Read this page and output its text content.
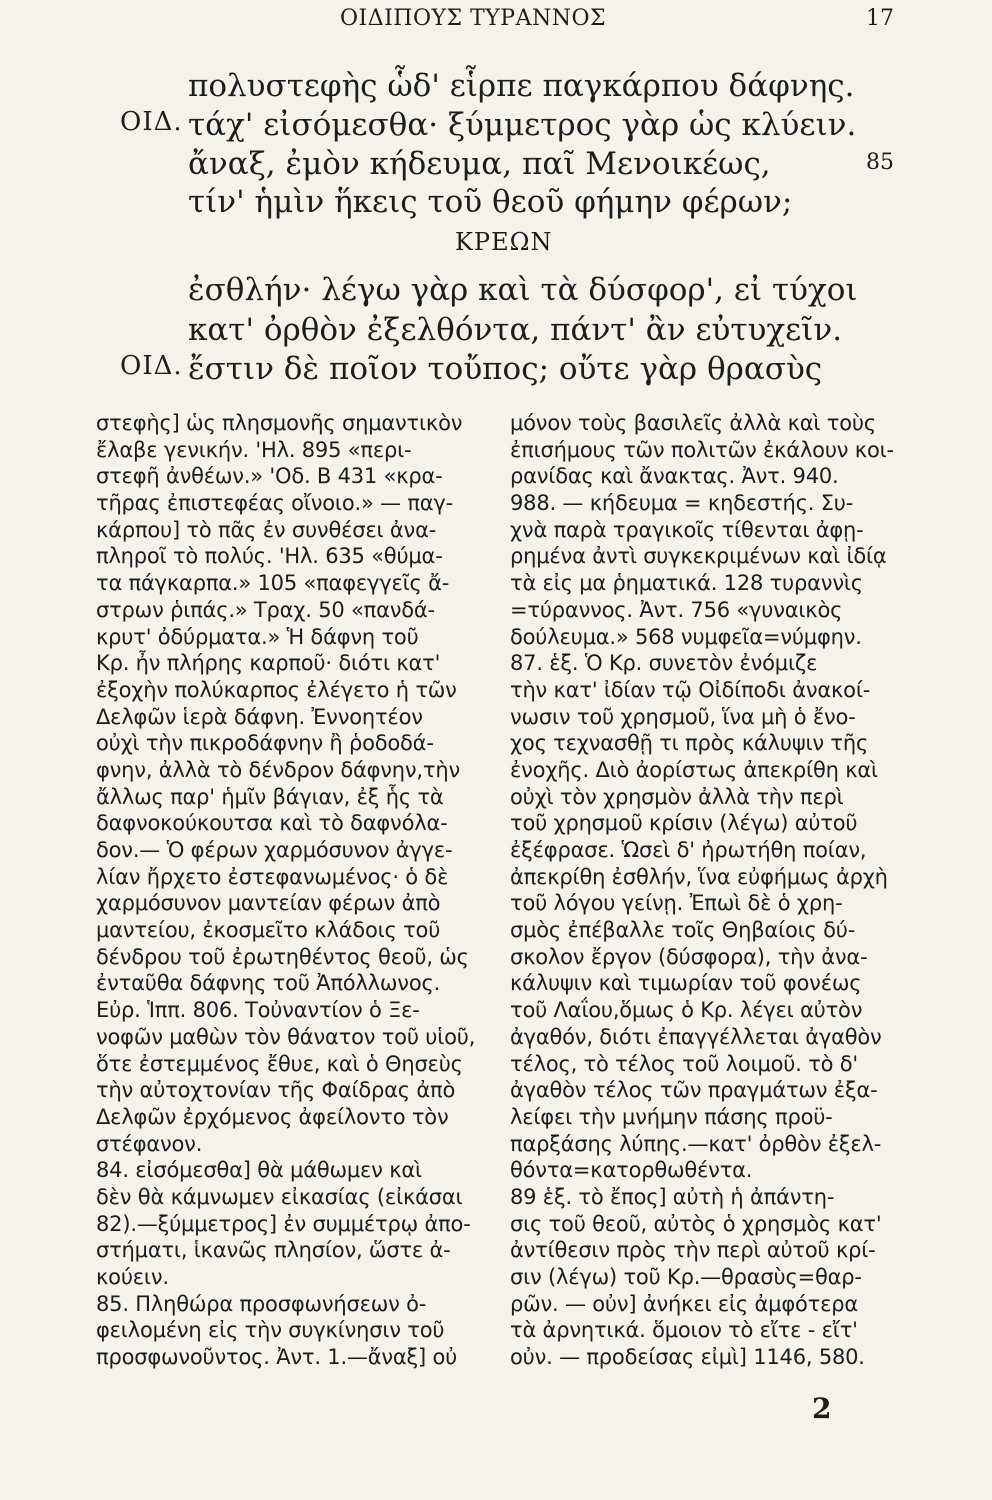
ΟΙΔΙΠΟΥΣ ΤΥΡΑΝΝΟΣ	17
πολυστεφὴς ὧδ' εἷρπε παγκάρπου δάφνης.
ΟΙΔ. τάχ' εἰσόμεσθα· ξύμμετρος γὰρ ὡς κλύειν.
ἄναξ, ἐμὸν κήδευμα, παῖ Μενοικέως,	85
τίν' ἡμὶν ἥκεις τοῦ θεοῦ φήμην φέρων;
ΚΡΕΩΝ
ἐσθλήν· λέγω γὰρ καὶ τὰ δύσφορ', εἰ τύχοι
κατ' ὀρθὸν ἐξελθόντα, πάντ' ἂν εὐτυχεῖν.
ΟΙΔ. ἔστιν δὲ ποῖον τοὔπος; οὔτε γὰρ θρασὺς
στεφὴς] ὡς πλησμονῆς σημαντικὸν
ἔλαβε γενικήν. 'Ηλ. 895 «περι-
στεφῆ ἀνθέων.» 'Οδ. Β 431 «κρα-
τῆρας ἐπιστεφέας οἴνοιο.» — παγ-
κάρπου] τὸ πᾶς ἐν συνθέσει ἀνα-
πληροῖ τὸ πολύς. 'Ηλ. 635 «θύμα-
τα πάγκαρπα.» 105 «παφεγγεῖς ἄ-
στρων ῥιπάς.» Τραχ. 50 «πανδά-
κρυτ' ὀδύρματα.» Ἡ δάφνη τοῦ
Κρ. ἦν πλήρης καρποῦ· διότι κατ'
ἐξοχὴν πολύκαρπος ἐλέγετο ἡ τῶν
Δελφῶν ἱερὰ δάφνη. Ἐννοητέον
οὐχὶ τὴν πικροδάφνην ἢ ῥοδοδά-
φνην, ἀλλὰ τὸ δένδρον δάφνην,τὴν
ἄλλως παρ' ἡμῖν βάγιαν, ἐξ ἧς τὰ
δαφνοκούκουτσα καὶ τὸ δαφνόλα-
δον.— Ὁ φέρων χαρμόσυνον ἀγγε-
λίαν ἤρχετο ἐστεφανωμένος· ὁ δὲ
χαρμόσυνον μαντείαν φέρων ἀπὸ
μαντείου, ἐκοσμεῖτο κλάδοις τοῦ
δένδρου τοῦ ἐρωτηθέντος θεοῦ, ὡς
ἐνταῦθα δάφνης τοῦ Ἀπόλλωνος.
Εὐρ. Ἱππ. 806. Τοὐναντίον ὁ Ξε-
νοφῶν μαθὼν τὸν θάνατον τοῦ υἱοῦ,
ὅτε ἐστεμμένος ἔθυε, καὶ ὁ Θησεὺς
τὴν αὐτοχτονίαν τῆς Φαίδρας ἀπὸ
Δελφῶν ἐρχόμενος ἀφείλοντο τὸν
στέφανον.
84. εἰσόμεσθα] θὰ μάθωμεν καὶ
δὲν θὰ κάμνωμεν εἰκασίας (εἰκάσαι
82).—ξύμμετρος] ἐν συμμέτρῳ ἀπο-
στήματι, ἱκανῶς πλησίον, ὥστε ἀ-
κούειν.
85. Πληθώρα προσφωνήσεων ὀ-
φειλομένη εἰς τὴν συγκίνησιν τοῦ
προσφωνοῦντος. Ἀντ. 1.—ἄναξ] οὐ
μόνον τοὺς βασιλεῖς ἀλλὰ καὶ τοὺς
ἐπισήμους τῶν πολιτῶν ἐκάλουν κοι-
ρανίδας καὶ ἄνακτας. Ἀντ. 940.
988. — κήδευμα = κηδεστής. Συ-
χνὰ παρὰ τραγικοῖς τίθενται ἀφῃ-
ρημένα ἀντὶ συγκεκριμένων καὶ ἰδίᾳ
τὰ εἰς μα ῥηματικά. 128 τυραννὶς
=τύραννος. Ἀντ. 756 «γυναικὸς
δούλευμα.» 568 νυμφεῖα=νύμφην.
87. ἑξ. Ὁ Κρ. συνετὸν ἐνόμιζε
τὴν κατ' ἰδίαν τῷ Οἰδίποδι ἀνακοί-
νωσιν τοῦ χρησμοῦ, ἵνα μὴ ὁ ἔνο-
χος τεχνασθῇ τι πρὸς κάλυψιν τῆς
ἐνοχῆς. Διὸ ἀορίστως ἀπεκρίθη καὶ
οὐχὶ τὸν χρησμὸν ἀλλὰ τὴν περὶ
τοῦ χρησμοῦ κρίσιν (λέγω) αὐτοῦ
ἐξέφρασε. Ὡσεὶ δ' ἠρωτήθη ποίαν,
ἀπεκρίθη ἐσθλήν, ἵνα εὐφήμως ἀρχὴ
τοῦ λόγου γείνῃ. Ἐπωὶ δὲ ὁ χρη-
σμὸς ἐπέβαλλε τοῖς Θηβαίοις δύ-
σκολον ἔργον (δύσφορα), τὴν ἀνα-
κάλυψιν καὶ τιμωρίαν τοῦ φονέως
τοῦ Λαΐου,ὅμως ὁ Κρ. λέγει αὐτὸν
ἀγαθόν, διότι ἐπαγγέλλεται ἀγαθὸν
τέλος, τὸ τέλος τοῦ λοιμοῦ. τὸ δ'
ἀγαθὸν τέλος τῶν πραγμάτων ἐξα-
λείφει τὴν μνήμην πάσης προϋ-
παρξάσης λύπης.—κατ' ὀρθὸν ἐξελ-
θόντα=κατορθωθέντα.
89 ἑξ. τὸ ἔπος] αὐτὴ ἡ ἀπάντη-
σις τοῦ θεοῦ, αὐτὸς ὁ χρησμὸς κατ'
ἀντίθεσιν πρὸς τὴν περὶ αὐτοῦ κρί-
σιν (λέγω) τοῦ Κρ.—θρασὺς=θαρ-
ρῶν. — οὐν] ἀνήκει εἰς ἀμφότερα
τὰ ἀρνητικά. ὅμοιον τὸ εἴτε - εἴτ'
οὐν. — προδείσας εἰμὶ] 1146, 580.
2
